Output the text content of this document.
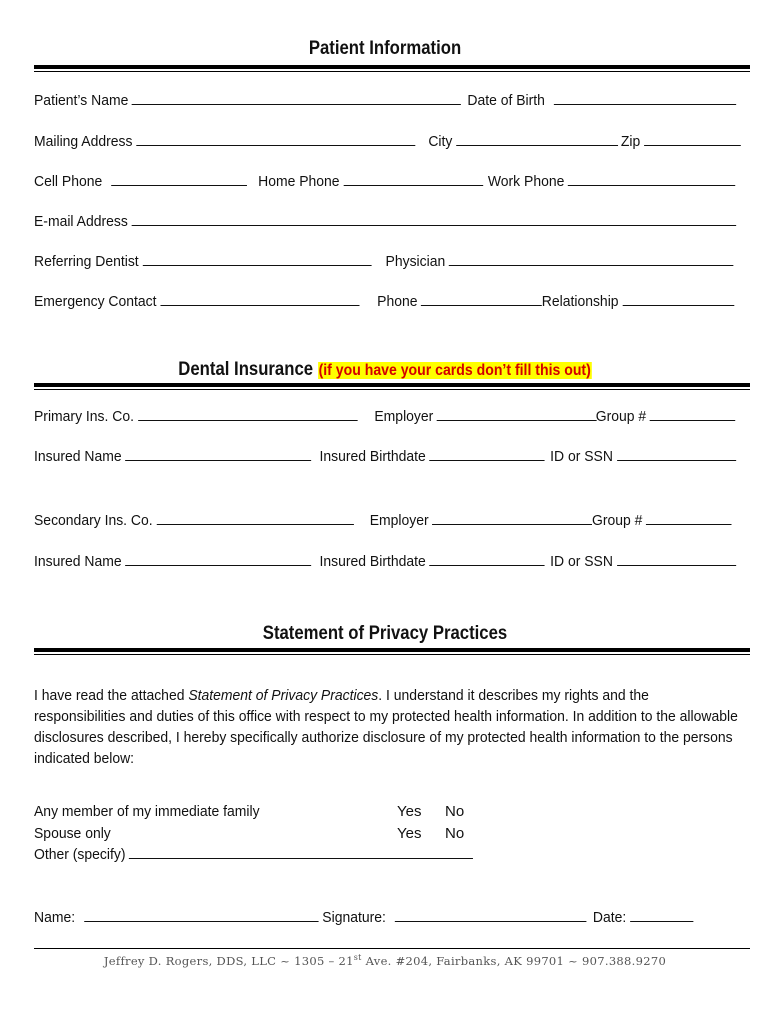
Patient Information
Patient’s Name	Date of Birth
Mailing Address	City	Zip
Cell Phone	Home Phone	Work Phone
E-mail Address
Referring Dentist	Physician
Emergency Contact	Phone	Relationship
Dental Insurance (if you have your cards don’t fill this out)
Primary Ins. Co.	Employer	Group #
Insured Name	Insured Birthdate	ID or SSN
Secondary Ins. Co.	Employer	Group #
Insured Name	Insured Birthdate	ID or SSN
Statement of Privacy Practices
I have read the attached Statement of Privacy Practices. I understand it describes my rights and the responsibilities and duties of this office with respect to my protected health information. In addition to the allowable disclosures described, I hereby specifically authorize disclosure of my protected health information to the persons indicated below:
Any member of my immediate family	Yes No
Spouse only	Yes No
Other (specify)
Name:	Signature:	Date:
Jeffrey D. Rogers, DDS, LLC ~ 1305 – 21st Ave. #204, Fairbanks, AK 99701 ~ 907.388.9270
